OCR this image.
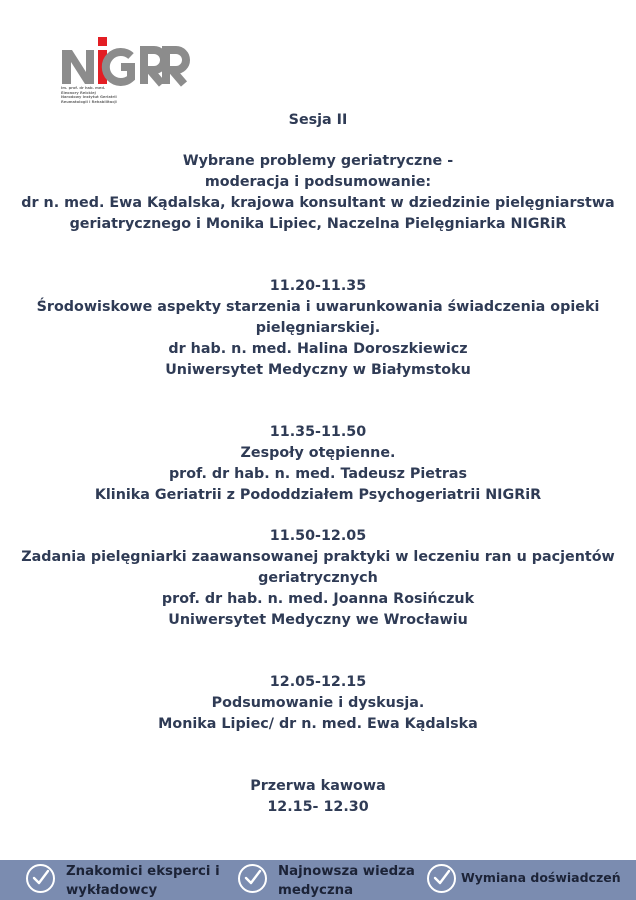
im. prof. dr hab. med. Eleonory Reickiej
Narodowy Instytut Geriatrii
Reumatologii i Rehabilitacji
Sesja II
Wybrane problemy geriatryczne -
moderacja i podsumowanie:
dr n. med. Ewa Kądalska, krajowa konsultant w dziedzinie pielęgniarstwa
geriatrycznego i Monika Lipiec, Naczelna Pielęgniarka NIGRiR
11.20-11.35
Środowiskowe aspekty starzenia i uwarunkowania świadczenia opieki
pielęgniarskiej.
dr hab. n. med. Halina Doroszkiewicz
Uniwersytet Medyczny w Białymstoku
11.35-11.50
Zespoły otępienne.
prof. dr hab. n. med. Tadeusz Pietras
Klinika Geriatrii z Pododdziałem Psychogeriatrii NIGRiR
11.50-12.05
Zadania pielęgniarki zaawansowanej praktyki w leczeniu ran u pacjentów
geriatrycznych
prof. dr hab. n. med. Joanna Rosińczuk
Uniwersytet Medyczny we Wrocławiu
12.05-12.15
Podsumowanie i dyskusja.
Monika Lipiec/ dr n. med. Ewa Kądalska
Przerwa kawowa
12.15- 12.30
Znakomici eksperci i
wykładowcy
Najnowsza wiedza
medyczna
Wymiana doświadczeń
